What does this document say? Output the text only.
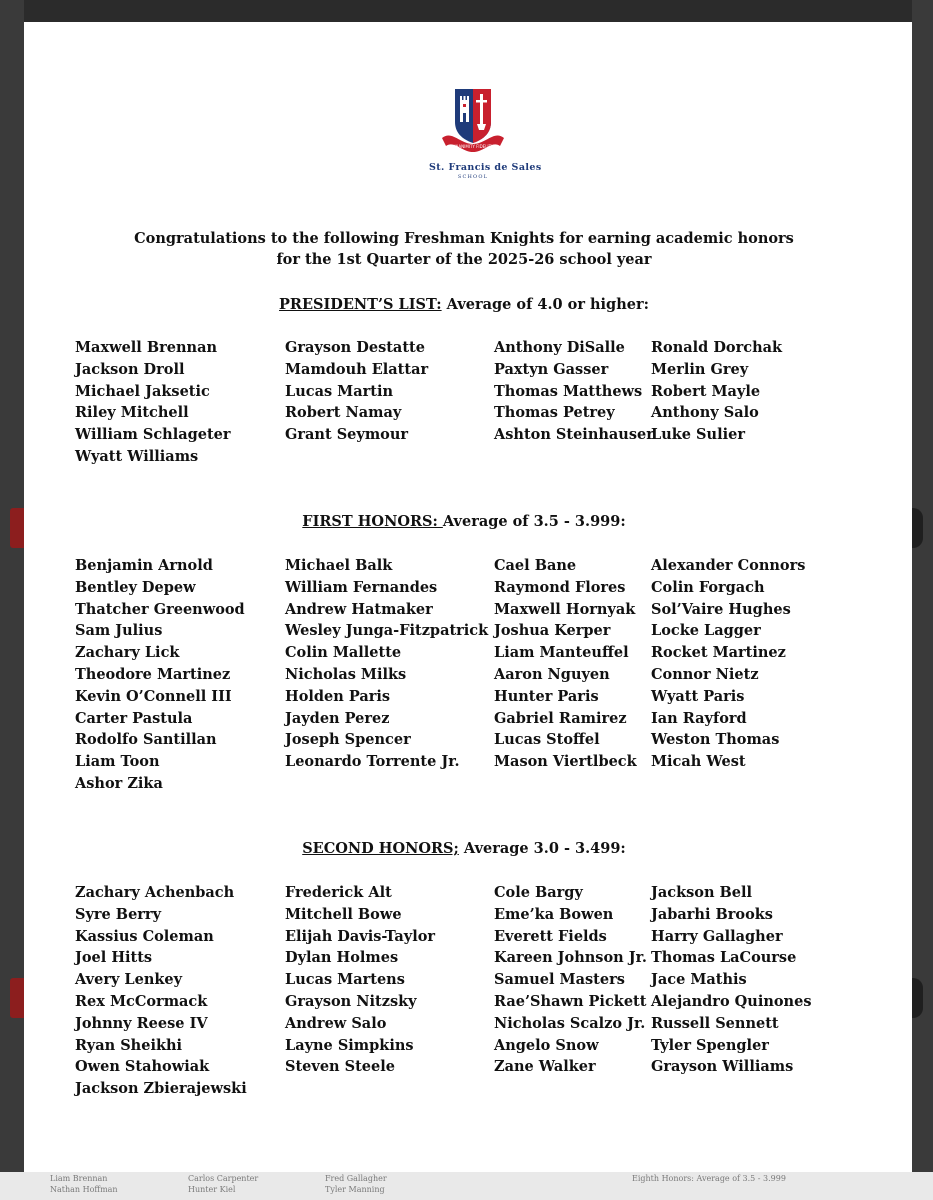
Liam Brennan
Nathan Hoffman
Carlos Carpenter
Hunter Kiel
Fred Gallagher
Tyler Manning
Eighth Honors: Average of 3.5 - 3.999
UNANIMITY FIDELITY
St. Francis de Sales
SCHOOL
Congratulations to the following Freshman Knights for earning academic honors
for the 1st Quarter of the 2025-26 school year
PRESIDENT’S LIST: Average of 4.0 or higher:
Maxwell Brennan
Jackson Droll
Michael Jaksetic
Riley Mitchell
William Schlageter
Wyatt Williams
Grayson Destatte
Mamdouh Elattar
Lucas Martin
Robert Namay
Grant Seymour
Anthony DiSalle
Paxtyn Gasser
Thomas Matthews
Thomas Petrey
Ashton Steinhauser
Ronald Dorchak
Merlin Grey
Robert Mayle
Anthony Salo
Luke Sulier
FIRST HONORS: Average of 3.5 - 3.999:
Benjamin Arnold
Bentley Depew
Thatcher Greenwood
Sam Julius
Zachary Lick
Theodore Martinez
Kevin O’Connell III
Carter Pastula
Rodolfo Santillan
Liam Toon
Ashor Zika
Michael Balk
William Fernandes
Andrew Hatmaker
Wesley Junga-Fitzpatrick
Colin Mallette
Nicholas Milks
Holden Paris
Jayden Perez
Joseph Spencer
Leonardo Torrente Jr.
Cael Bane
Raymond Flores
Maxwell Hornyak
Joshua Kerper
Liam Manteuffel
Aaron Nguyen
Hunter Paris
Gabriel Ramirez
Lucas Stoffel
Mason Viertlbeck
Alexander Connors
Colin Forgach
Sol’Vaire Hughes
Locke Lagger
Rocket Martinez
Connor Nietz
Wyatt Paris
Ian Rayford
Weston Thomas
Micah West
SECOND HONORS; Average 3.0 - 3.499:
Zachary Achenbach
Syre Berry
Kassius Coleman
Joel Hitts
Avery Lenkey
Rex McCormack
Johnny Reese IV
Ryan Sheikhi
Owen Stahowiak
Jackson Zbierajewski
Frederick Alt
Mitchell Bowe
Elijah Davis-Taylor
Dylan Holmes
Lucas Martens
Grayson Nitzsky
Andrew Salo
Layne Simpkins
Steven Steele
Cole Bargy
Eme’ka Bowen
Everett Fields
Kareen Johnson Jr.
Samuel Masters
Rae’Shawn Pickett
Nicholas Scalzo Jr.
Angelo Snow
Zane Walker
Jackson Bell
Jabarhi Brooks
Harry Gallagher
Thomas LaCourse
Jace Mathis
Alejandro Quinones
Russell Sennett
Tyler Spengler
Grayson Williams
